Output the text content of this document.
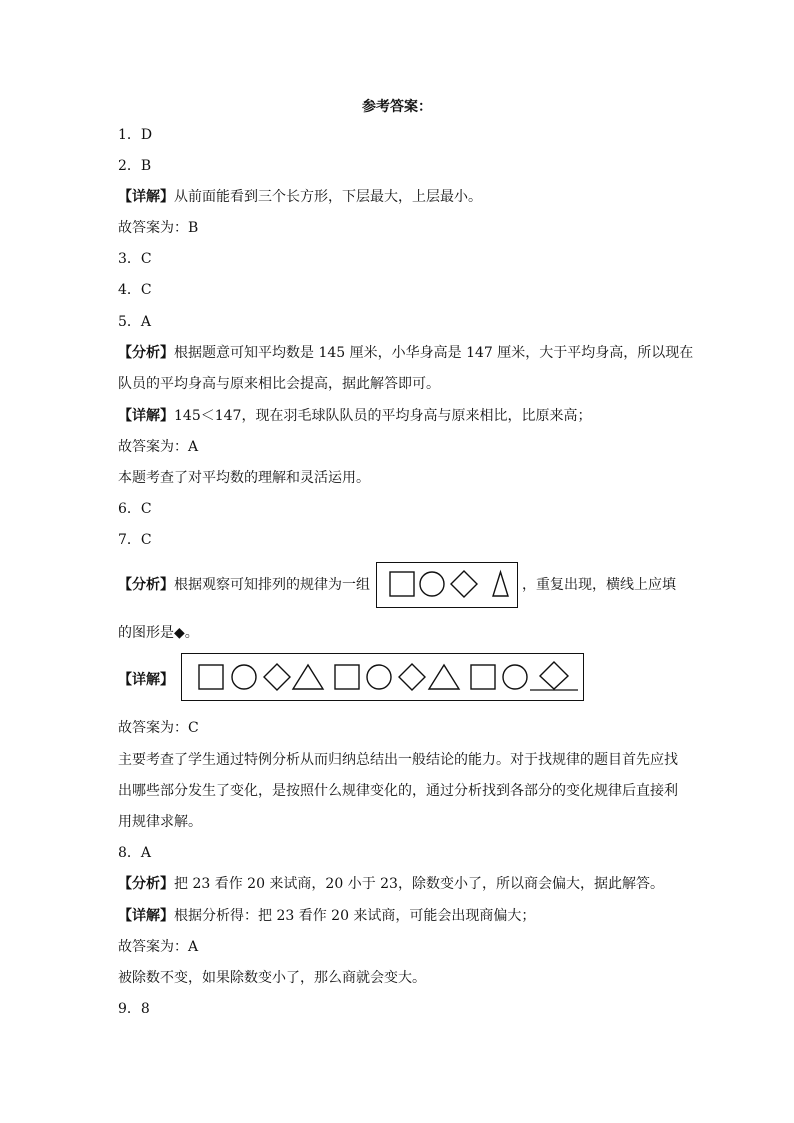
参考答案：
1．D
2．B
【详解】从前面能看到三个长方形，下层最大，上层最小。
故答案为：B
3．C
4．C
5．A
【分析】根据题意可知平均数是 145 厘米，小华身高是 147 厘米，大于平均身高，所以现在
队员的平均身高与原来相比会提高，据此解答即可。
【详解】145＜147，现在羽毛球队队员的平均身高与原来相比，比原来高；
故答案为：A
本题考查了对平均数的理解和灵活运用。
6．C
7．C
【分析】根据观察可知排列的规律为一组	，重复出现，横线上应填
的图形是◆。
【详解】
故答案为：C
主要考查了学生通过特例分析从而归纳总结出一般结论的能力。对于找规律的题目首先应找
出哪些部分发生了变化，是按照什么规律变化的，通过分析找到各部分的变化规律后直接利
用规律求解。
8．A
【分析】把 23 看作 20 来试商，20 小于 23，除数变小了，所以商会偏大，据此解答。
【详解】根据分析得：把 23 看作 20 来试商，可能会出现商偏大；
故答案为：A
被除数不变，如果除数变小了，那么商就会变大。
9．8
